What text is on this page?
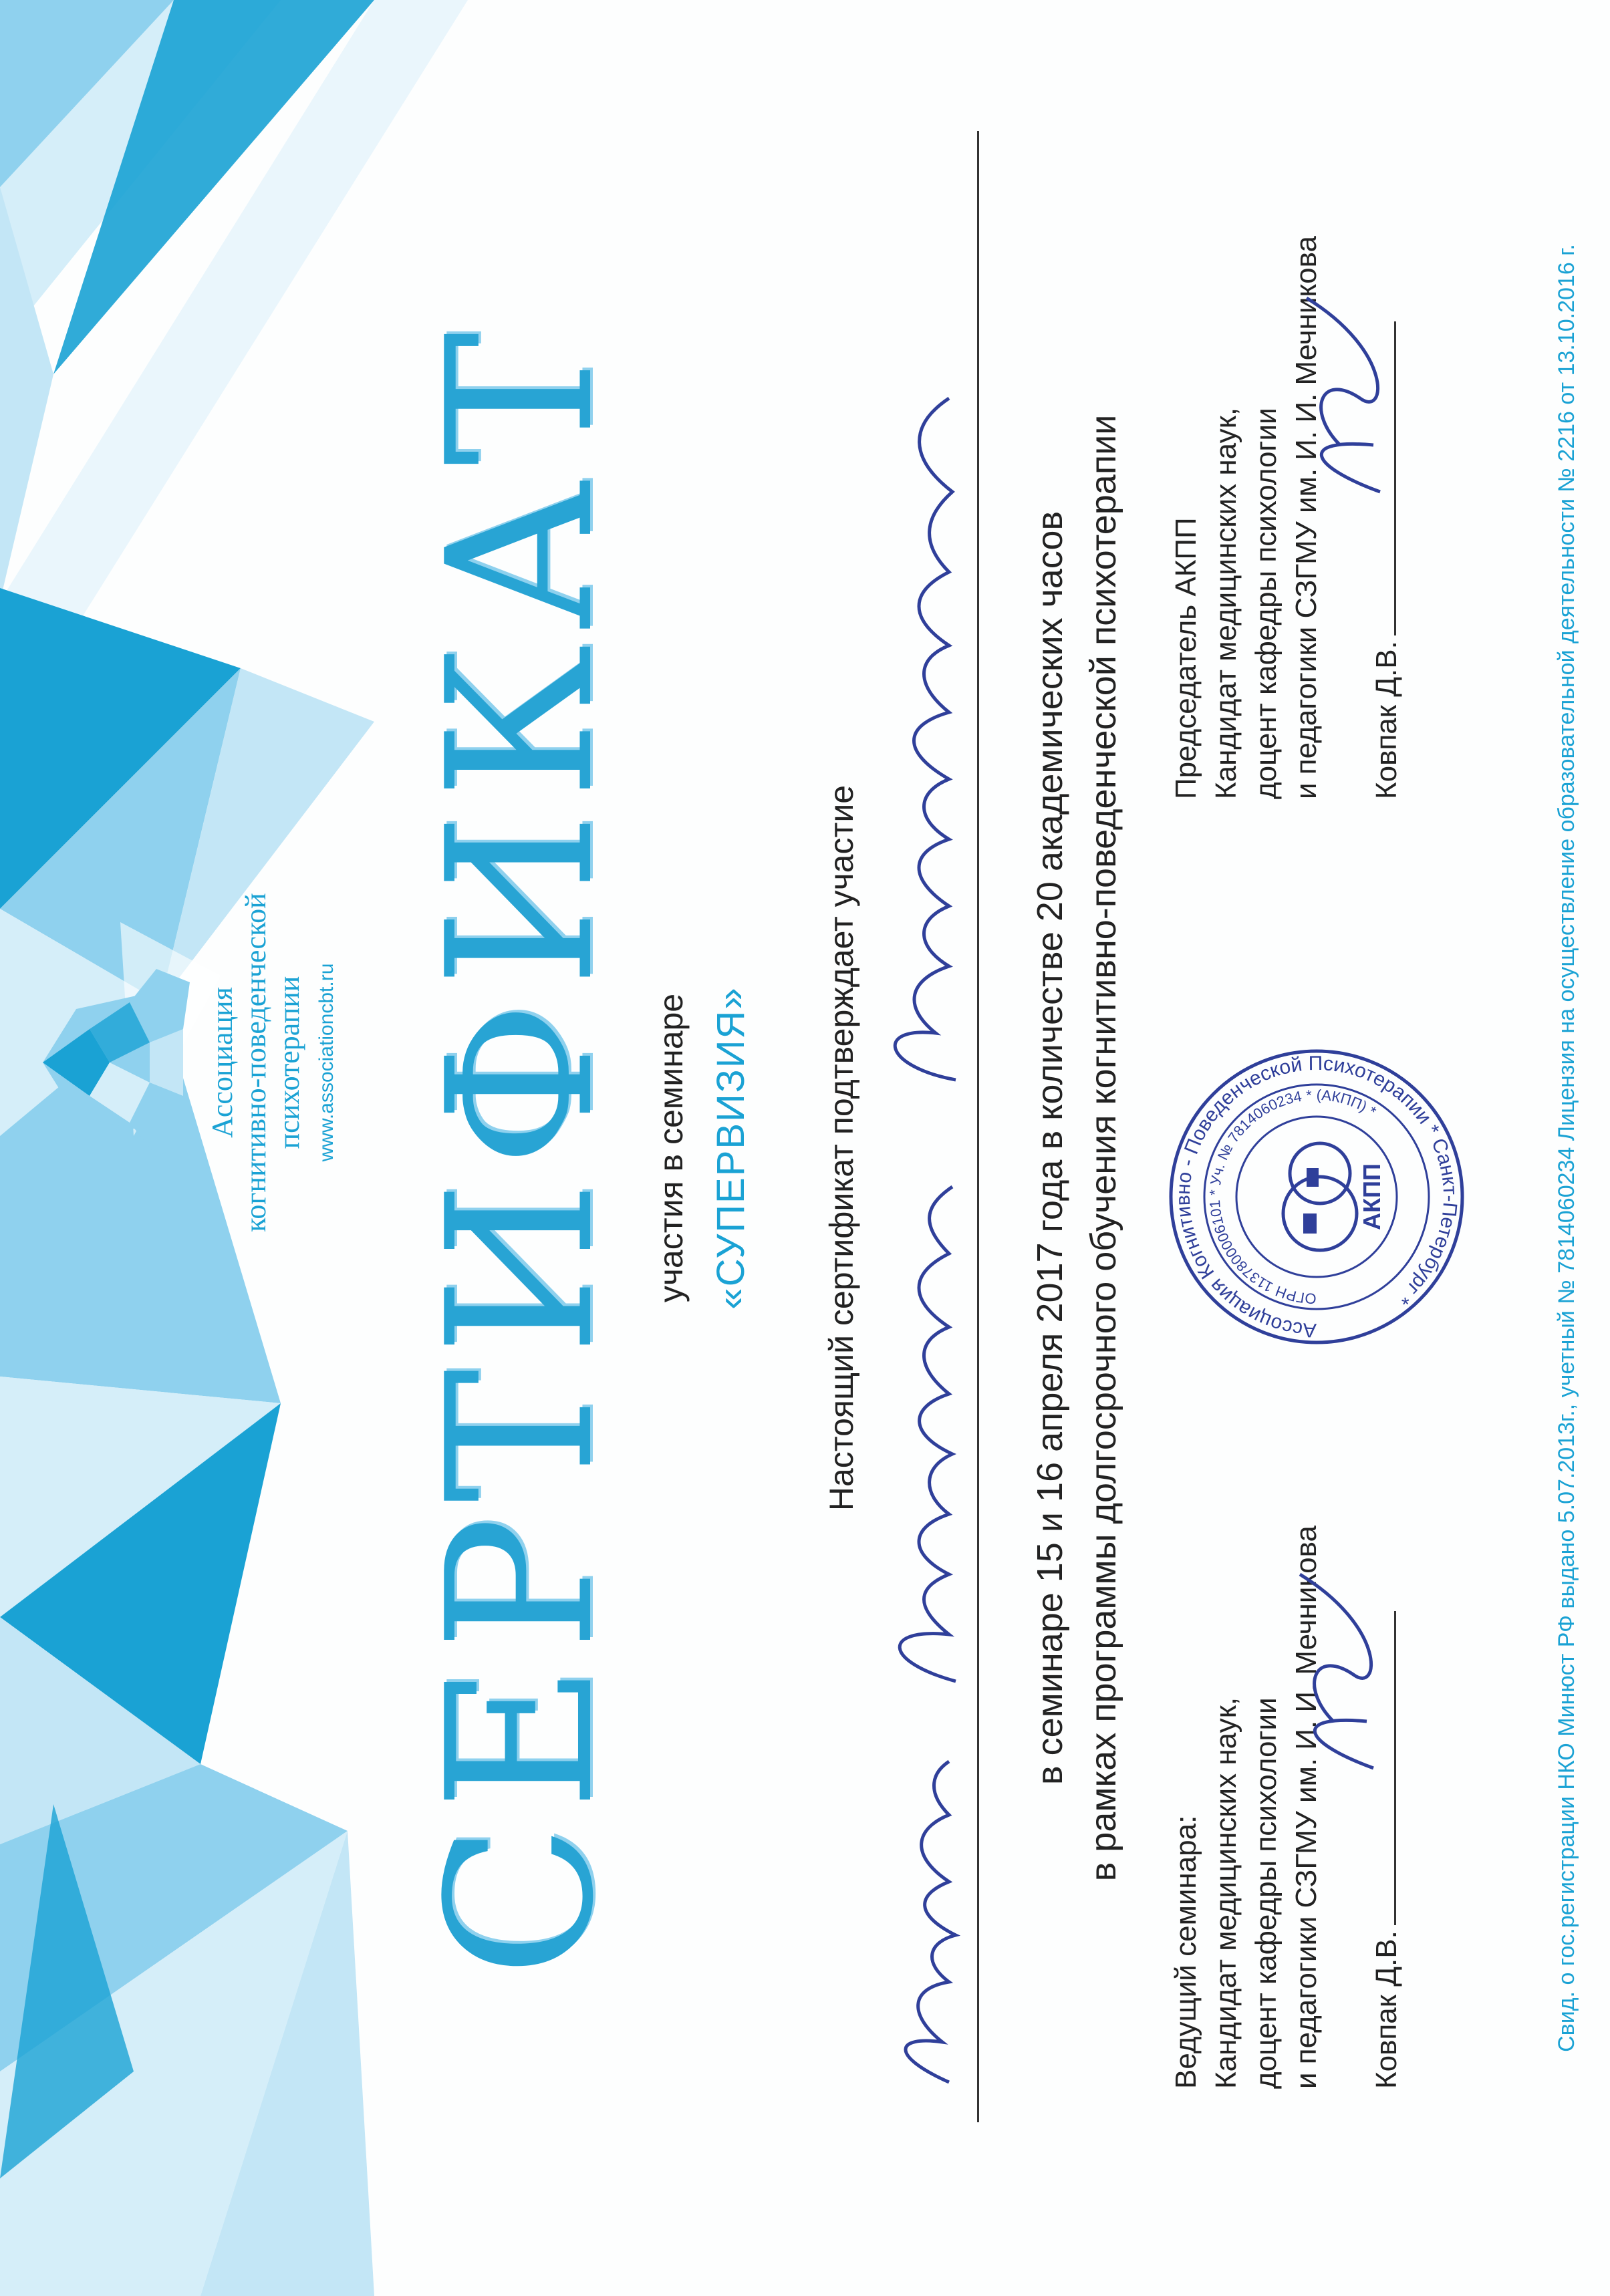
Ассоциация когнитивно-поведенческой психотерапии www.associationcbt.ru СЕРТИФИКАТ участия в семинаре «СУПЕРВИЗИЯ» Настоящий сертификат подтверждает участие	в семинаре 15 и 16 апреля 2017 года в количестве 20 академических часов в рамках программы долгосрочного обучения когнитивно-поведенческой психотерапии
Ведущий семинара: Кандидат медицинских наук, доцент кафедры психологии и педагогики СЗГМУ им. И. И. Мечникова Ковпак Д.В.
Ассоциация Когнитивно - Поведенческой Психотерапии * Санкт-Петербург *
ОГРН 1137800006101 * Уч. № 7814060234 * (АКПП) *
АКПП
Председатель АКПП Кандидат медицинских наук, доцент кафедры психологии и педагогики СЗГМУ им. И. И. Мечникова Ковпак Д.В.	Свид. о гос.регистрации НКО Минюст РФ выдано 5.07.2013г., учетный № 7814060234 Лицензия на осуществление образовательной деятельности № 2216 от 13.10.2016 г.
